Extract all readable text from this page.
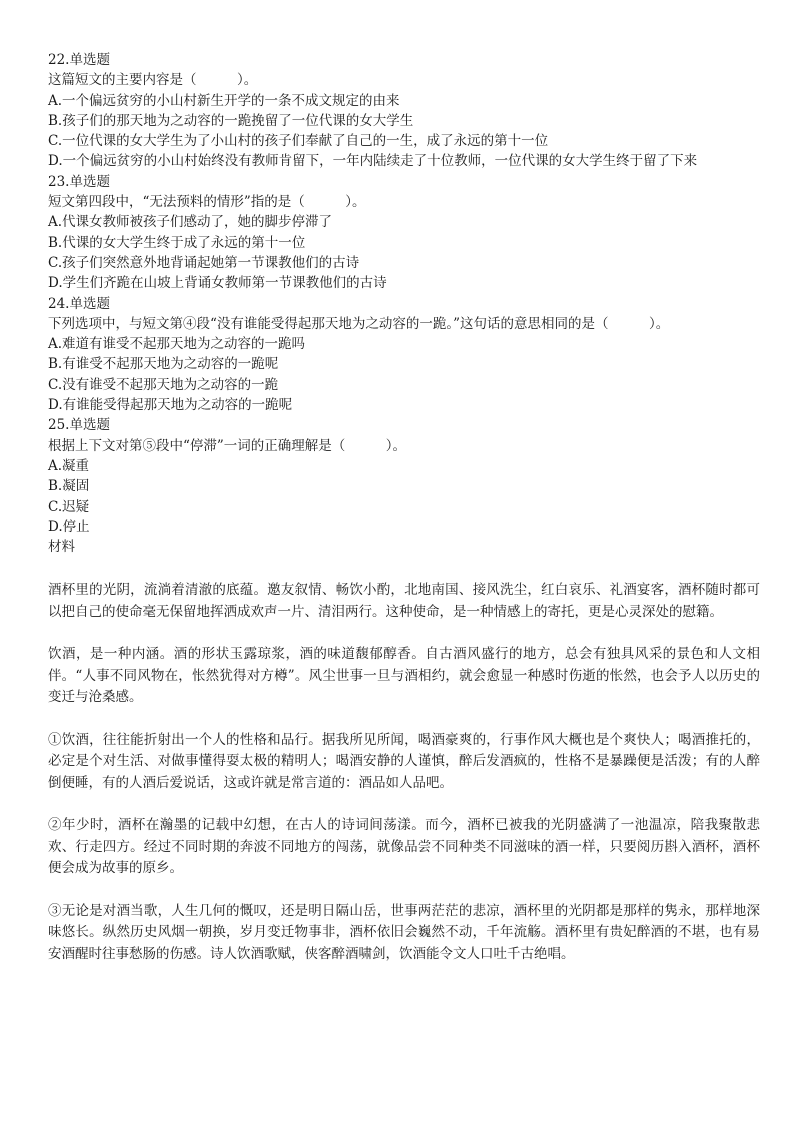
22.单选题
这篇短文的主要内容是（　　　）。
A.一个偏远贫穷的小山村新生开学的一条不成文规定的由来
B.孩子们的那天地为之动容的一跪挽留了一位代课的女大学生
C.一位代课的女大学生为了小山村的孩子们奉献了自己的一生，成了永远的第十一位
D.一个偏远贫穷的小山村始终没有教师肯留下，一年内陆续走了十位教师，一位代课的女大学生终于留了下来
23.单选题
短文第四段中，“无法预料的情形”指的是（　　　）。
A.代课女教师被孩子们感动了，她的脚步停滞了
B.代课的女大学生终于成了永远的第十一位
C.孩子们突然意外地背诵起她第一节课教他们的古诗
D.学生们齐跪在山坡上背诵女教师第一节课教他们的古诗
24.单选题
下列选项中，与短文第④段“没有谁能受得起那天地为之动容的一跪。”这句话的意思相同的是（　　　）。
A.难道有谁受不起那天地为之动容的一跪吗
B.有谁受不起那天地为之动容的一跪呢
C.没有谁受不起那天地为之动容的一跪
D.有谁能受得起那天地为之动容的一跪呢
25.单选题
根据上下文对第⑤段中“停滞”一词的正确理解是（　　　）。
A.凝重
B.凝固
C.迟疑
D.停止
材料

酒杯里的光阴，流淌着清澈的底蕴。邀友叙情、畅饮小酌，北地南国、接风洗尘，红白哀乐、礼酒宴客，酒杯随时都可以把自己的使命毫无保留地挥洒成欢声一片、清泪两行。这种使命，是一种情感上的寄托，更是心灵深处的慰籍。

饮酒，是一种内涵。酒的形状玉露琼浆，酒的味道馥郁醇香。自古酒风盛行的地方，总会有独具风采的景色和人文相伴。“人事不同风物在，怅然犹得对方樽”。风尘世事一旦与酒相约，就会愈显一种感时伤逝的怅然，也会予人以历史的变迁与沧桑感。

①饮酒，往往能折射出一个人的性格和品行。据我所见所闻，喝酒豪爽的，行事作风大概也是个爽快人；喝酒推托的，必定是个对生活、对做事懂得耍太极的精明人；喝酒安静的人谨慎，醉后发酒疯的，性格不是暴躁便是活泼；有的人醉倒便睡，有的人酒后爱说话，这或许就是常言道的：酒品如人品吧。

②年少时，酒杯在瀚墨的记载中幻想，在古人的诗词间荡漾。而今，酒杯已被我的光阴盛满了一池温凉，陪我聚散悲欢、行走四方。经过不同时期的奔波不同地方的闯荡，就像品尝不同种类不同滋味的酒一样，只要阅历斟入酒杯，酒杯便会成为故事的原乡。

③无论是对酒当歌，人生几何的慨叹，还是明日隔山岳，世事两茫茫的悲凉，酒杯里的光阴都是那样的隽永，那样地深味悠长。纵然历史风烟一朝换，岁月变迁物事非，酒杯依旧会巍然不动，千年流觞。酒杯里有贵妃醉酒的不堪，也有易安酒醒时往事愁肠的伤感。诗人饮酒歌赋，侠客醉酒啸剑，饮酒能令文人口吐千古绝唱。
